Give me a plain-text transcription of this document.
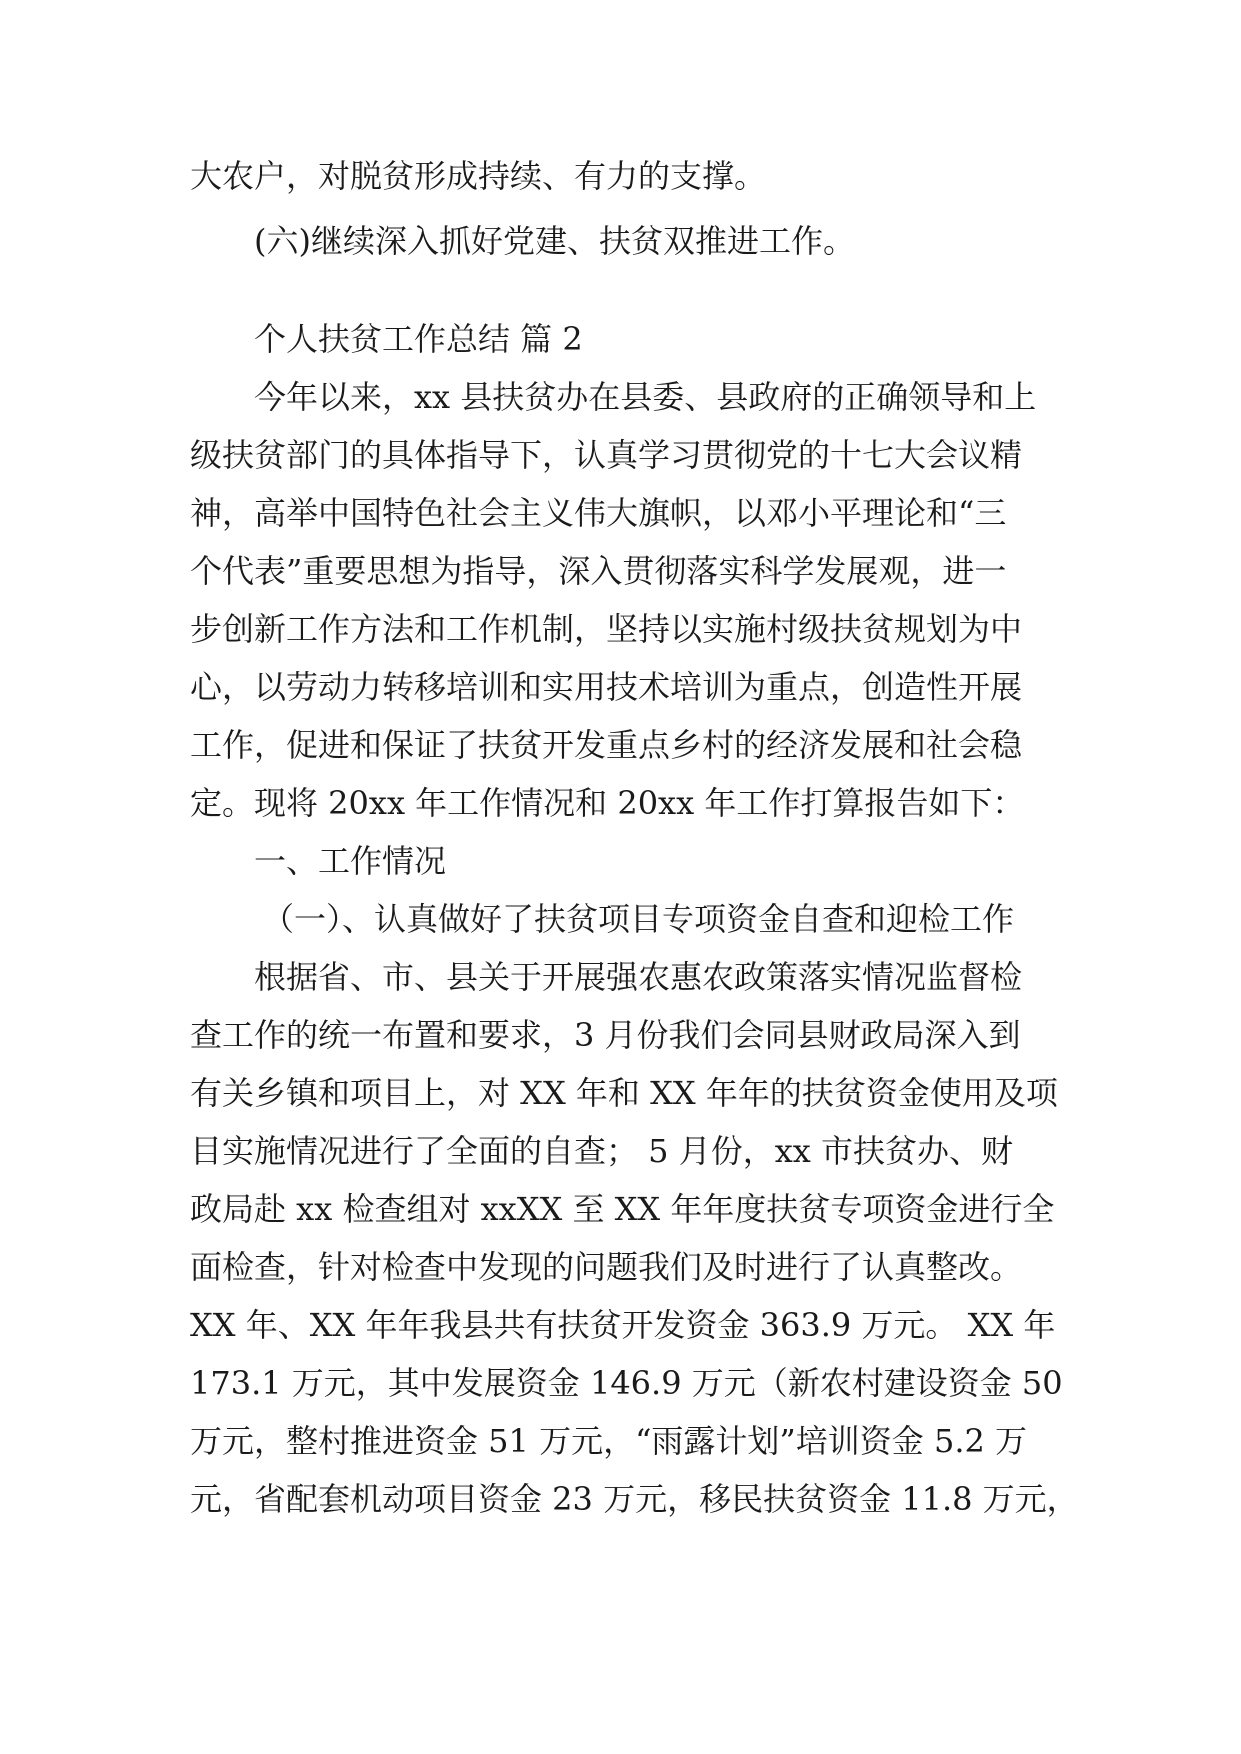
大农户，对脱贫形成持续、有力的支撑。
(六)继续深入抓好党建、扶贫双推进工作。
个人扶贫工作总结 篇 2
今年以来，xx 县扶贫办在县委、县政府的正确领导和上
级扶贫部门的具体指导下，认真学习贯彻党的十七大会议精
神，高举中国特色社会主义伟大旗帜，以邓小平理论和“三
个代表”重要思想为指导，深入贯彻落实科学发展观，进一
步创新工作方法和工作机制，坚持以实施村级扶贫规划为中
心，以劳动力转移培训和实用技术培训为重点，创造性开展
工作，促进和保证了扶贫开发重点乡村的经济发展和社会稳
定。现将 20xx 年工作情况和 20xx 年工作打算报告如下：
一、工作情况
（一）、认真做好了扶贫项目专项资金自查和迎检工作
根据省、市、县关于开展强农惠农政策落实情况监督检
查工作的统一布置和要求，3 月份我们会同县财政局深入到
有关乡镇和项目上，对 XX 年和 XX 年年的扶贫资金使用及项
目实施情况进行了全面的自查； 5 月份，xx 市扶贫办、财
政局赴 xx 检查组对 xxXX 至 XX 年年度扶贫专项资金进行全
面检查，针对检查中发现的问题我们及时进行了认真整改。
XX 年、XX 年年我县共有扶贫开发资金 363.9 万元。 XX 年
173.1 万元，其中发展资金 146.9 万元（新农村建设资金 50
万元，整村推进资金 51 万元，“雨露计划”培训资金 5.2 万
元，省配套机动项目资金 23 万元，移民扶贫资金 11.8 万元，
